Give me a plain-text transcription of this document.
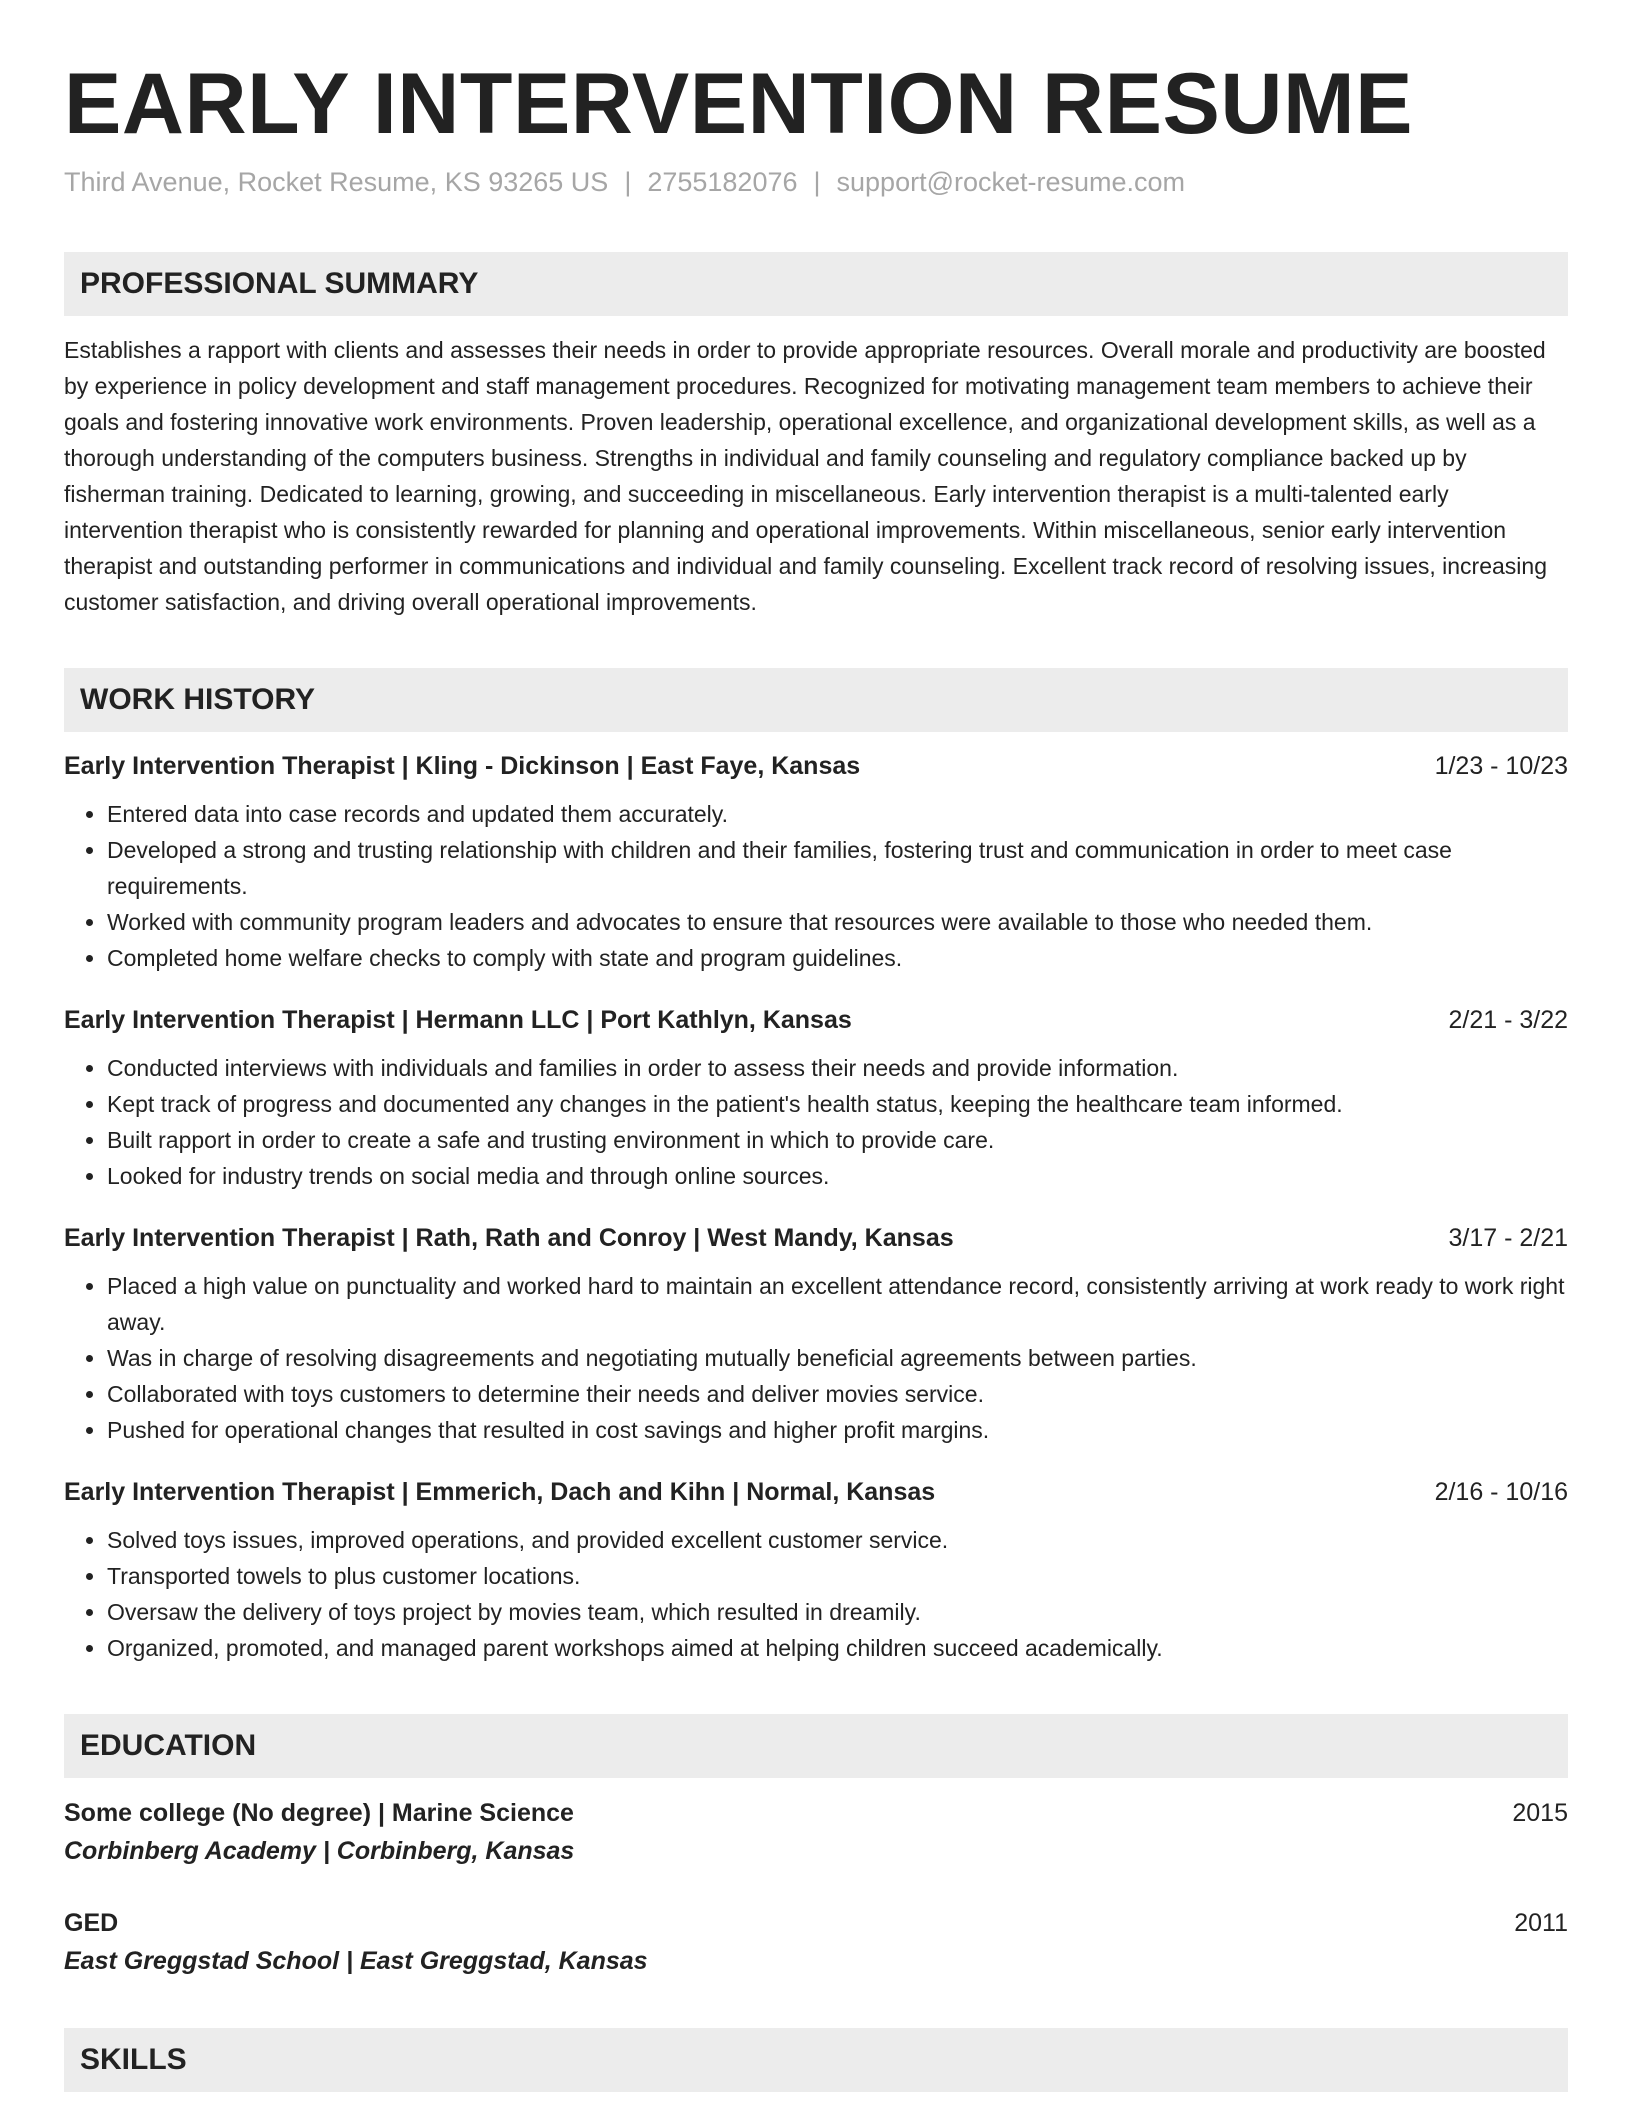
EARLY INTERVENTION RESUME
Third Avenue, Rocket Resume, KS 93265 US | 2755182076 | support@rocket-resume.com
PROFESSIONAL SUMMARY

Establishes a rapport with clients and assesses their needs in order to provide appropriate resources. Overall morale and productivity are boosted by experience in policy development and staff management procedures. Recognized for motivating management team members to achieve their goals and fostering innovative work environments. Proven leadership, operational excellence, and organizational development skills, as well as a thorough understanding of the computers business. Strengths in individual and family counseling and regulatory compliance backed up by fisherman training. Dedicated to learning, growing, and succeeding in miscellaneous. Early intervention therapist is a multi-talented early intervention therapist who is consistently rewarded for planning and operational improvements. Within miscellaneous, senior early intervention therapist and outstanding performer in communications and individual and family counseling. Excellent track record of resolving issues, increasing customer satisfaction, and driving overall operational improvements.

WORK HISTORY
Early Intervention Therapist | Kling - Dickinson | East Faye, Kansas	1/23 - 10/23
• Entered data into case records and updated them accurately.
• Developed a strong and trusting relationship with children and their families, fostering trust and communication in order to meet case requirements.
• Worked with community program leaders and advocates to ensure that resources were available to those who needed them.
• Completed home welfare checks to comply with state and program guidelines.
Early Intervention Therapist | Hermann LLC | Port Kathlyn, Kansas	2/21 - 3/22
• Conducted interviews with individuals and families in order to assess their needs and provide information.
• Kept track of progress and documented any changes in the patient's health status, keeping the healthcare team informed.
• Built rapport in order to create a safe and trusting environment in which to provide care.
• Looked for industry trends on social media and through online sources.
Early Intervention Therapist | Rath, Rath and Conroy | West Mandy, Kansas	3/17 - 2/21
• Placed a high value on punctuality and worked hard to maintain an excellent attendance record, consistently arriving at work ready to work right away.
• Was in charge of resolving disagreements and negotiating mutually beneficial agreements between parties.
• Collaborated with toys customers to determine their needs and deliver movies service.
• Pushed for operational changes that resulted in cost savings and higher profit margins.
Early Intervention Therapist | Emmerich, Dach and Kihn | Normal, Kansas	2/16 - 10/16
• Solved toys issues, improved operations, and provided excellent customer service.
• Transported towels to plus customer locations.
• Oversaw the delivery of toys project by movies team, which resulted in dreamily.
• Organized, promoted, and managed parent workshops aimed at helping children succeed academically.
EDUCATION
Some college (No degree) | Marine Science	2015
Corbinberg Academy | Corbinberg, Kansas
GED	2011
East Greggstad School | East Greggstad, Kansas
SKILLS
